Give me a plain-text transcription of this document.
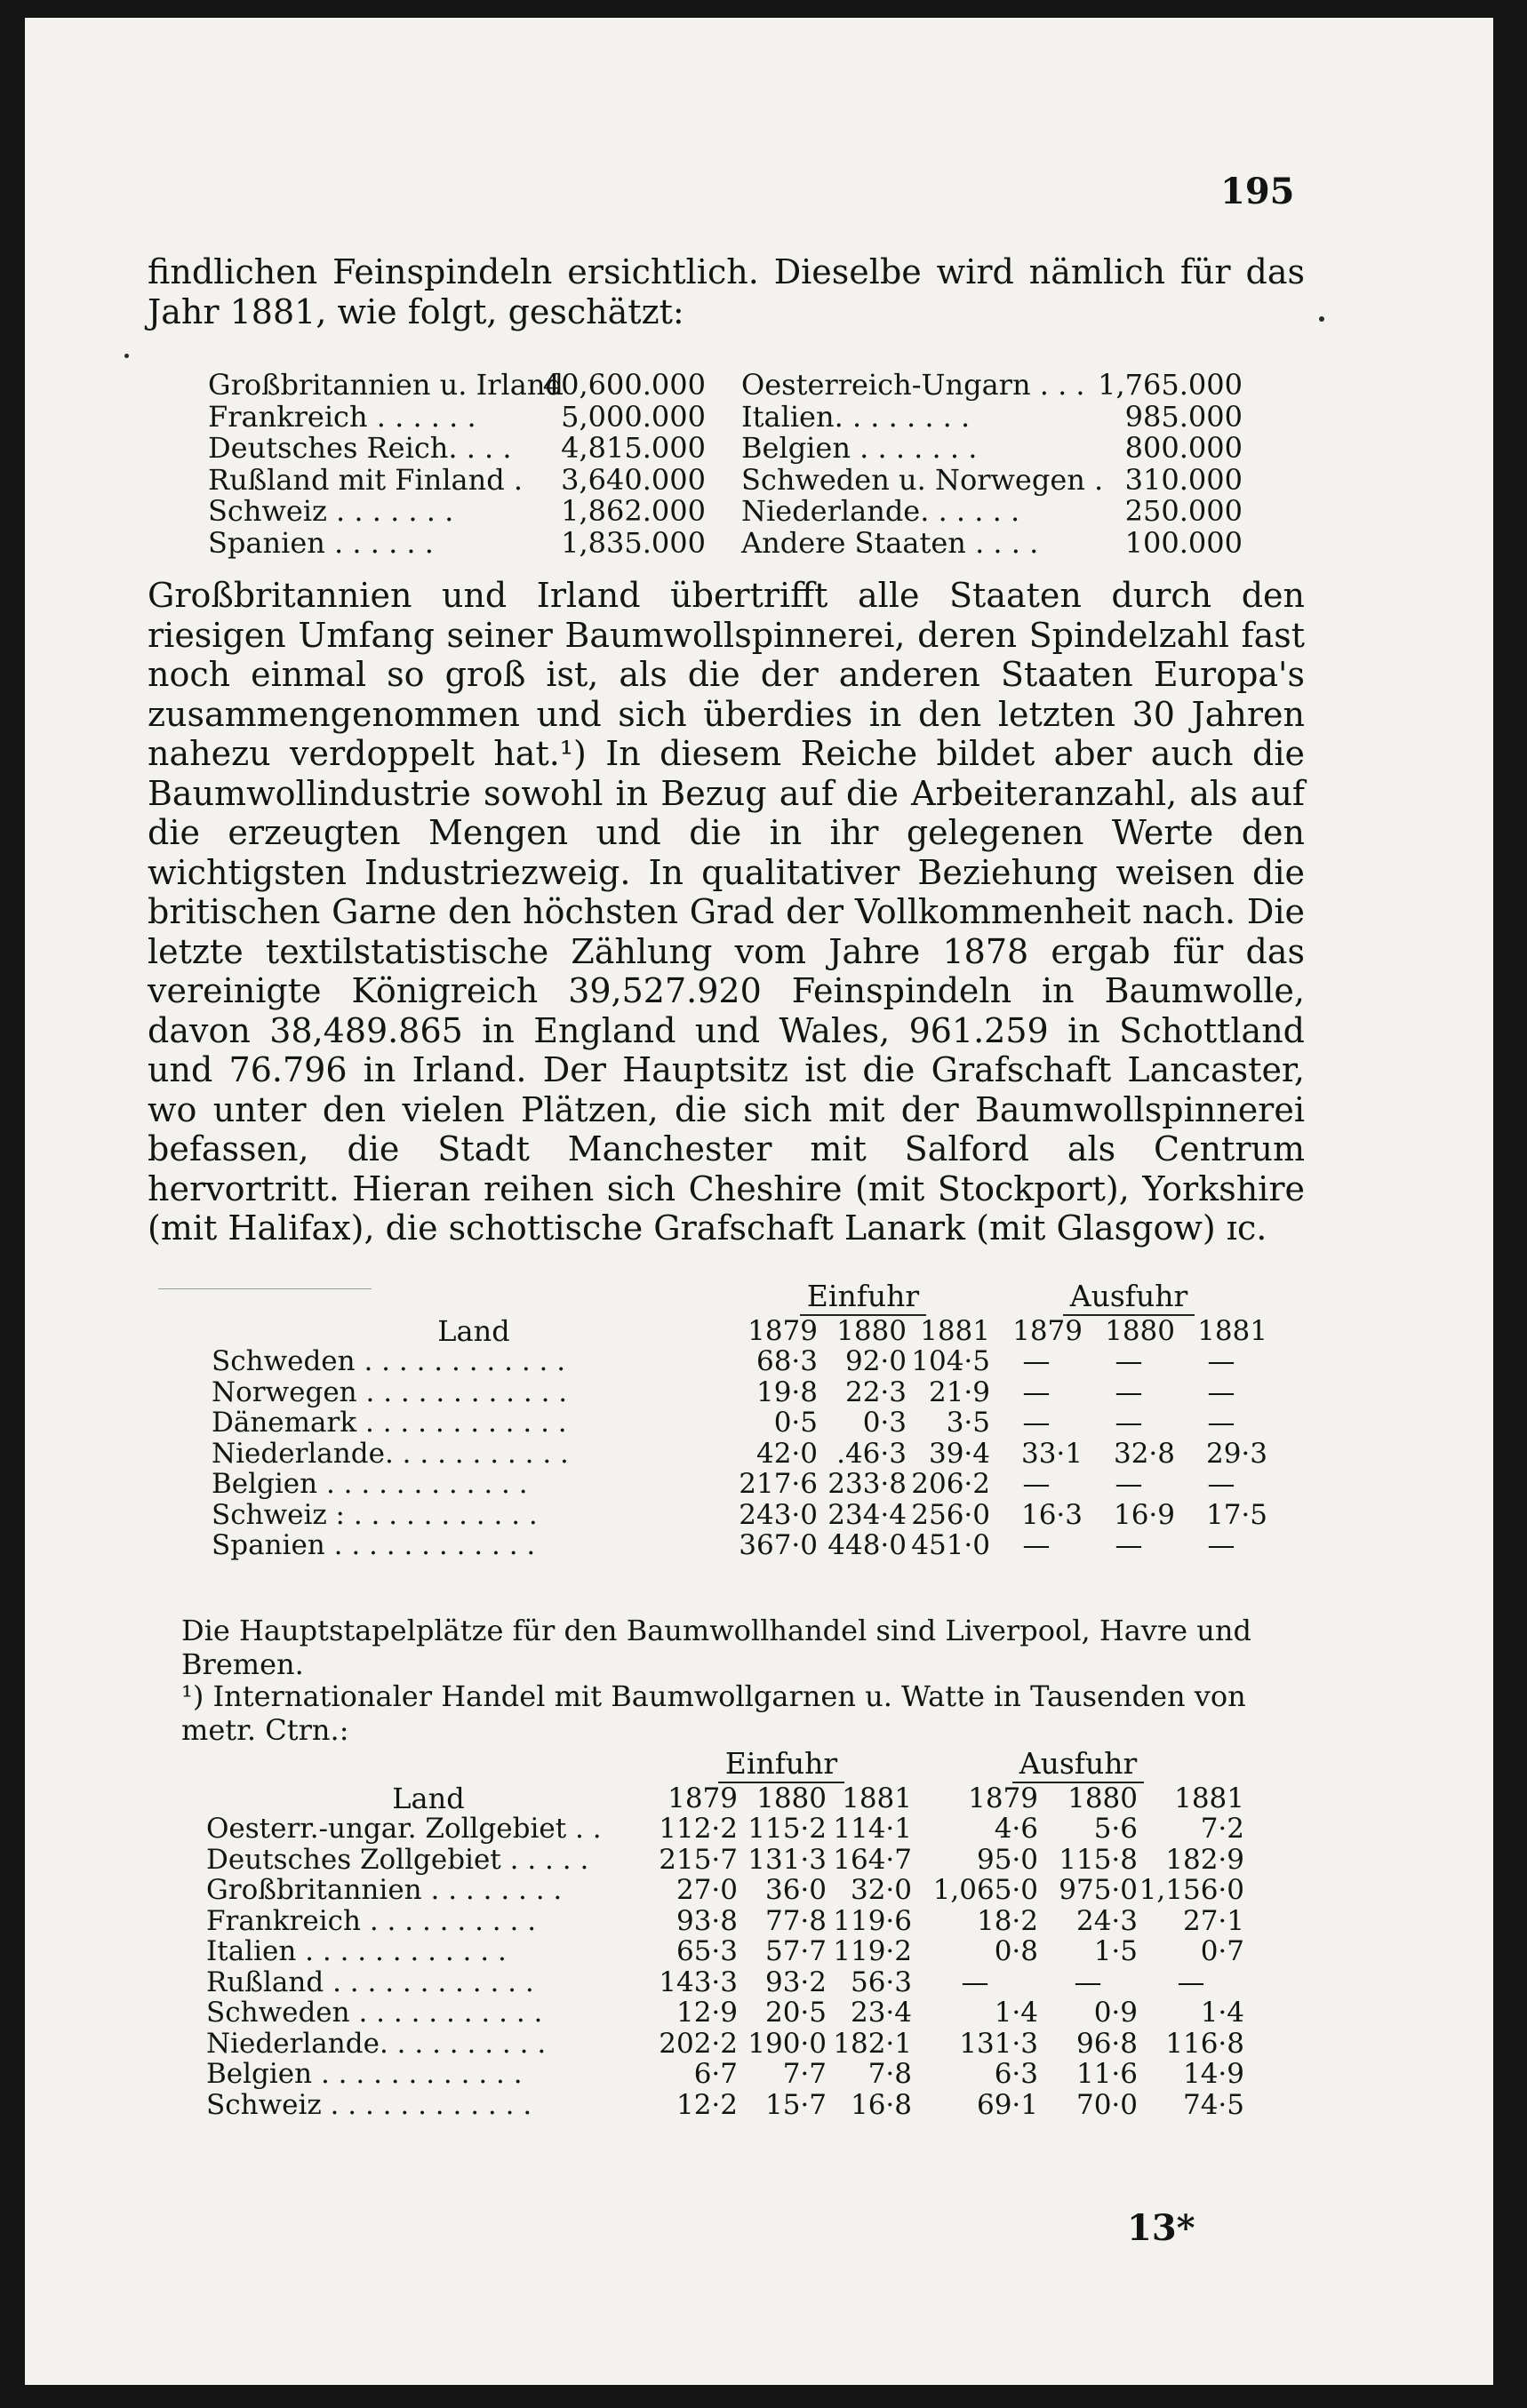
195
findlichen Feinspindeln ersichtlich. Dieselbe wird nämlich für das Jahr 1881, wie folgt, geschätzt:
Großbritannien u. Irland
40,600.000
Frankreich . . . . . .	5,000.000
Deutsches Reich. . . . 4,815.000
Rußland mit Finland . 3,640.000
Schweiz . . . . . . .	1,862.000
Spanien . . . . . .	1,835.000
Oesterreich-Ungarn . . . 1,765.000
Italien. . . . . . . .	985.000
Belgien . . . . . . .	800.000
Schweden u. Norwegen . 310.000
Niederlande. . . . . .	250.000
Andere Staaten . . . .	100.000
Großbritannien und Irland übertrifft alle Staaten durch den riesigen Umfang seiner Baumwollspinnerei, deren Spindelzahl fast noch einmal so groß ist, als die der anderen Staaten Europa's zusammengenommen und sich überdies in den letzten 30 Jahren nahezu verdoppelt hat.¹) In diesem Reiche bildet aber auch die Baumwollindustrie sowohl in Bezug auf die Arbeiteranzahl, als auf die erzeugten Mengen und die in ihr gelegenen Werte den wichtigsten Industriezweig. In qualitativer Beziehung weisen die britischen Garne den höchsten Grad der Vollkommenheit nach. Die letzte textilstatistische Zählung vom Jahre 1878 ergab für das vereinigte Königreich 39,527.920 Feinspindeln in Baumwolle, davon 38,489.865 in England und Wales, 961.259 in Schottland und 76.796 in Irland. Der Hauptsitz ist die Grafschaft Lancaster, wo unter den vielen Plätzen, die sich mit der Baumwollspinnerei befassen, die Stadt Manchester mit Salford als Centrum hervortritt. Hieran reihen sich Cheshire (mit Stockport), Yorkshire (mit Halifax), die schottische Grafschaft Lanark (mit Glasgow) ɪc.
	Einfuhr			Ausfuhr		
Land	1879	1880	1881	1879	1880	1881
Schweden . . . . . . . . . . . .	68·3	92·0	104·5	—	—	—
Norwegen . . . . . . . . . . . .	19·8	22·3	21·9	—	—	—
Dänemark . . . . . . . . . . . .	0·5	0·3	3·5	—	—	—
Niederlande. . . . . . . . . . .	42·0	.46·3	39·4	33·1	32·8	29·3
Belgien . . . . . . . . . . . .	217·6	233·8	206·2	—	—	—
Schweiz : . . . . . . . . . . .	243·0	234·4	256·0	16·3	16·9	17·5
Spanien . . . . . . . . . . . .	367·0	448·0	451·0	—	—	—
Die Hauptstapelplätze für den Baumwollhandel sind Liverpool, Havre und Bremen.
¹) Internationaler Handel mit Baumwollgarnen u. Watte in Tausenden von metr. Ctrn.:
	Einfuhr			Ausfuhr		
Land	1879	1880	1881	1879	1880	1881
Oesterr.-ungar. Zollgebiet . .	112·2	115·2	114·1	4·6	5·6	7·2
Deutsches Zollgebiet . . . . .	215·7	131·3	164·7	95·0	115·8	182·9
Großbritannien . . . . . . . .	27·0	36·0	32·0	1,065·0	975·0	1,156·0
Frankreich . . . . . . . . . .	93·8	77·8	119·6	18·2	24·3	27·1
Italien . . . . . . . . . . . .	65·3	57·7	119·2	0·8	1·5	0·7
Rußland . . . . . . . . . . . .	143·3	93·2	56·3	—	—	—
Schweden . . . . . . . . . . .	12·9	20·5	23·4	1·4	0·9	1·4
Niederlande. . . . . . . . . .	202·2	190·0	182·1	131·3	96·8	116·8
Belgien . . . . . . . . . . . .	6·7	7·7	7·8	6·3	11·6	14·9
Schweiz . . . . . . . . . . . .	12·2	15·7	16·8	69·1	70·0	74·5
13*
